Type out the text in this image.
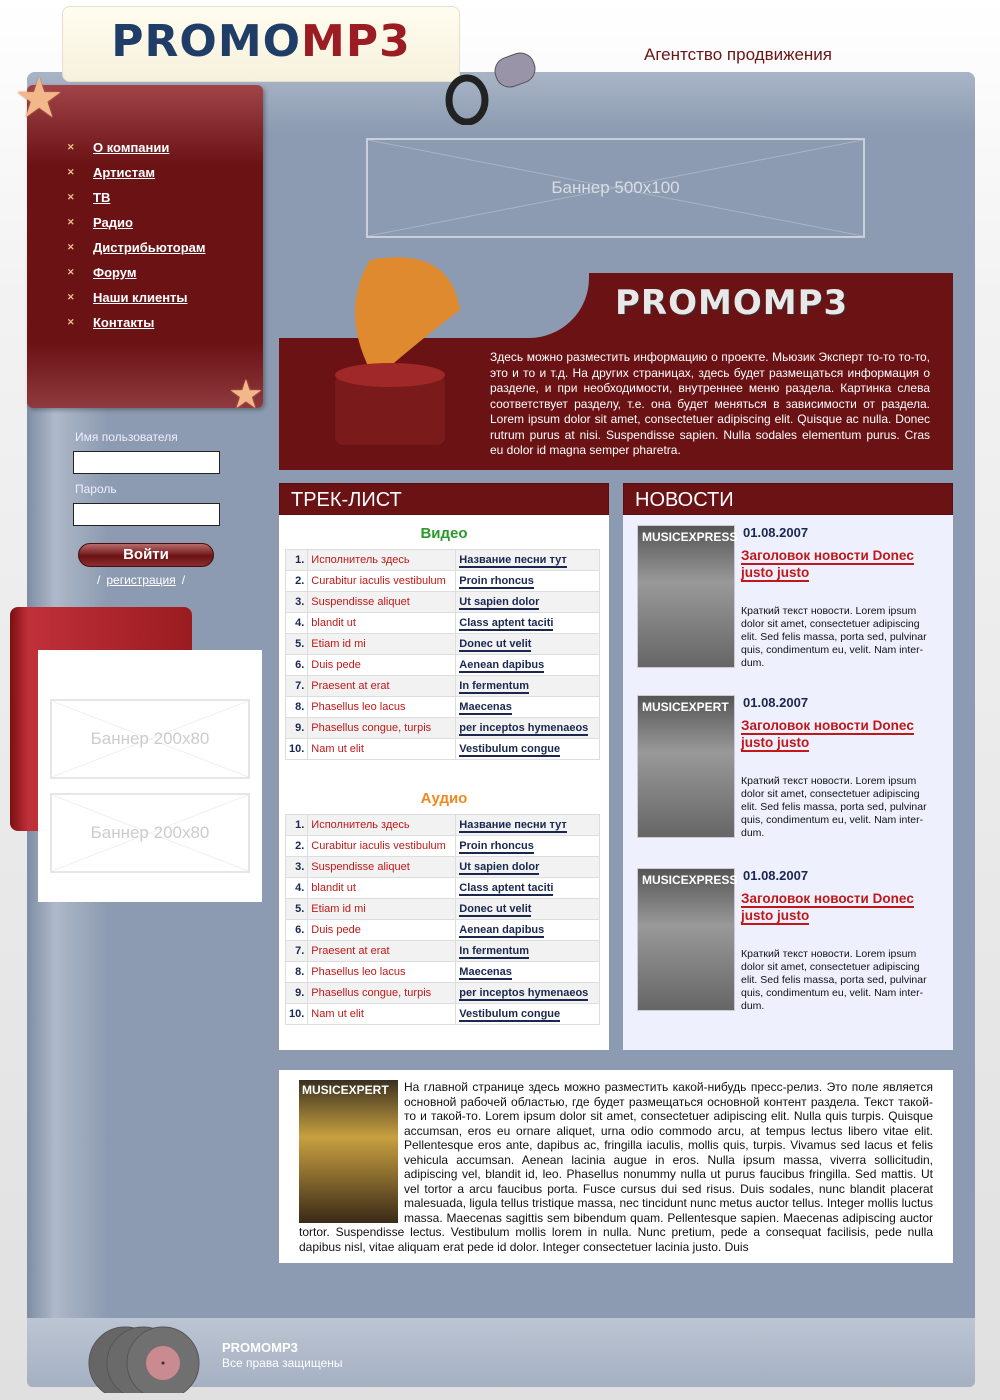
PROMOMP3	Агентство продвижения
✕	О компании
✕	Артистам
✕	ТВ
✕	Радио
✕	Дистрибьюторам
✕	Форум
✕	Наши клиенты
✕	Контакты
★
★
Имя пользователя
Пароль
Войти
/ регистрация /
Баннер 200x80
Баннер 200x80
Баннер 500x100
PROMOMP3
Здесь можно разместить информацию о проекте. Мьюзик Эксперт то-то то-то, это и то и т.д. На других страницах, здесь будет размещаться информация о разделе, и при необходимости, внутреннее меню раздела. Картинка слева соответствует разделу, т.е. она будет меняться в зависимости от раздела. Lorem ipsum dolor sit amet, consectetuer adipiscing elit. Quisque ac nulla. Donec rutrum purus at nisi. Suspendisse sapien. Nulla sodales elementum purus. Cras eu dolor id magna semper pharetra.
ТРЕК-ЛИСТ
Видео
1.	Исполнитель здесь	Название песни тут
2.	Curabitur iaculis vestibulum	Proin rhoncus
3.	Suspendisse aliquet	Ut sapien dolor
4.	blandit ut	Class aptent taciti
5.	Etiam id mi	Donec ut velit
6.	Duis pede	Aenean dapibus
7.	Praesent at erat	In fermentum
8.	Phasellus leo lacus	Maecenas
9.	Phasellus congue, turpis	per inceptos hymenaeos
10.	Nam ut elit	Vestibulum congue
Аудио
1.	Исполнитель здесь	Название песни тут
2.	Curabitur iaculis vestibulum	Proin rhoncus
3.	Suspendisse aliquet	Ut sapien dolor
4.	blandit ut	Class aptent taciti
5.	Etiam id mi	Donec ut velit
6.	Duis pede	Aenean dapibus
7.	Praesent at erat	In fermentum
8.	Phasellus leo lacus	Maecenas
9.	Phasellus congue, turpis	per inceptos hymenaeos
10.	Nam ut elit	Vestibulum congue
НОВОСТИ
MUSICEXPRESS 01.08.2007
Заголовок новости Donec justo justo
Краткий текст новости. Lorem ipsum dolor sit amet, consectetuer adipiscing elit. Sed felis massa, porta sed, pulvinar quis, condimentum eu, velit. Nam inter-dum.
MUSICEXPERT	01.08.2007
Заголовок новости Donec justo justo
Краткий текст новости. Lorem ipsum dolor sit amet, consectetuer adipiscing elit. Sed felis massa, porta sed, pulvinar quis, condimentum eu, velit. Nam inter-dum.
MUSICEXPRESS 01.08.2007
Заголовок новости Donec justo justo
Краткий текст новости. Lorem ipsum dolor sit amet, consectetuer adipiscing elit. Sed felis massa, porta sed, pulvinar quis, condimentum eu, velit. Nam inter-dum.
MUSICEXPERT	На главной странице здесь можно разместить какой-нибудь пресс-релиз. Это поле является основной рабочей областью, где будет размещаться основной контент раздела. Текст такой-то и такой-то. Lorem ipsum dolor sit amet, consectetuer adipiscing elit. Nulla quis turpis. Quisque accumsan, eros eu ornare aliquet, urna odio commodo arcu, at tempus lectus libero vitae elit. Pellentesque eros ante, dapibus ac, fringilla iaculis, mollis quis, turpis. Vivamus sed lacus et felis vehicula accumsan. Aenean lacinia augue in eros. Nulla ipsum massa, viverra sollicitudin, adipiscing vel, blandit id, leo. Phasellus nonummy nulla ut purus faucibus fringilla. Sed mattis. Ut vel tortor a arcu faucibus porta. Fusce cursus dui sed risus. Duis sodales, nunc blandit placerat malesuada, ligula tellus tristique massa, nec tincidunt nunc metus auctor tellus. Integer mollis luctus massa. Maecenas sagittis sem bibendum quam. Pellentesque sapien. Maecenas adipiscing auctor tortor. Suspendisse lectus. Vestibulum mollis lorem in nulla. Nunc pretium, pede a consequat facilisis, pede nulla dapibus nisl, vitae aliquam erat pede id dolor. Integer consectetuer lacinia justo. Duis
PROMOMP3
Все права защищены
